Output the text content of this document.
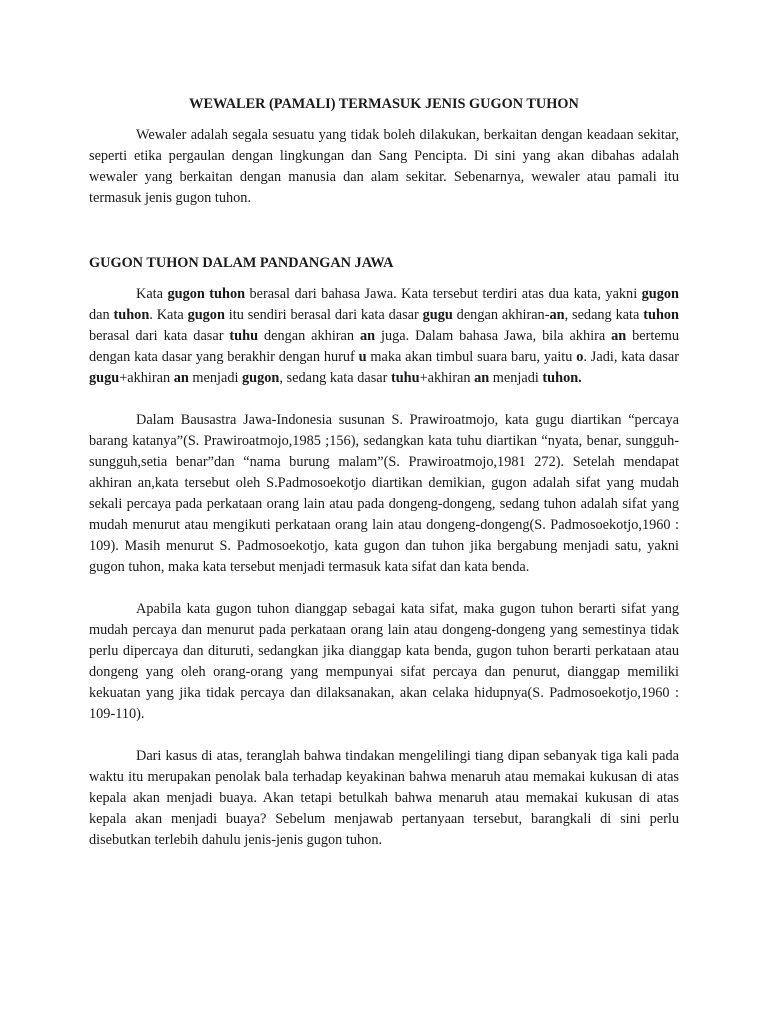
WEWALER (PAMALI) TERMASUK JENIS GUGON TUHON

Wewaler adalah segala sesuatu yang tidak boleh dilakukan, berkaitan dengan keadaan sekitar, seperti etika pergaulan dengan lingkungan dan Sang Pencipta. Di sini yang akan dibahas adalah wewaler yang berkaitan dengan manusia dan alam sekitar. Sebenarnya, wewaler atau pamali itu termasuk jenis gugon tuhon.

GUGON TUHON DALAM PANDANGAN JAWA

Kata gugon tuhon berasal dari bahasa Jawa. Kata tersebut terdiri atas dua kata, yakni gugon dan tuhon. Kata gugon itu sendiri berasal dari kata dasar gugu dengan akhiran-an, sedang kata tuhon berasal dari kata dasar tuhu dengan akhiran an juga. Dalam bahasa Jawa, bila akhira an bertemu dengan kata dasar yang berakhir dengan huruf u maka akan timbul suara baru, yaitu o. Jadi, kata dasar gugu+akhiran an menjadi gugon, sedang kata dasar tuhu+akhiran an menjadi tuhon.

Dalam Bausastra Jawa-Indonesia susunan S. Prawiroatmojo, kata gugu diartikan “percaya barang katanya”(S. Prawiroatmojo,1985 ;156), sedangkan kata tuhu diartikan “nyata, benar, sungguh-sungguh,setia benar”dan “nama burung malam”(S. Prawiroatmojo,1981 272). Setelah mendapat akhiran an,kata tersebut oleh S.Padmosoekotjo diartikan demikian, gugon adalah sifat yang mudah sekali percaya pada perkataan orang lain atau pada dongeng-dongeng, sedang tuhon adalah sifat yang mudah menurut atau mengikuti perkataan orang lain atau dongeng-dongeng(S. Padmosoekotjo,1960 : 109). Masih menurut S. Padmosoekotjo, kata gugon dan tuhon jika bergabung menjadi satu, yakni gugon tuhon, maka kata tersebut menjadi termasuk kata sifat dan kata benda.

Apabila kata gugon tuhon dianggap sebagai kata sifat, maka gugon tuhon berarti sifat yang mudah percaya dan menurut pada perkataan orang lain atau dongeng-dongeng yang semestinya tidak perlu dipercaya dan dituruti, sedangkan jika dianggap kata benda, gugon tuhon berarti perkataan atau dongeng yang oleh orang-orang yang mempunyai sifat percaya dan penurut, dianggap memiliki kekuatan yang jika tidak percaya dan dilaksanakan, akan celaka hidupnya(S. Padmosoekotjo,1960 : 109-110).

Dari kasus di atas, teranglah bahwa tindakan mengelilingi tiang dipan sebanyak tiga kali pada waktu itu merupakan penolak bala terhadap keyakinan bahwa menaruh atau memakai kukusan di atas kepala akan menjadi buaya. Akan tetapi betulkah bahwa menaruh atau memakai kukusan di atas kepala akan menjadi buaya? Sebelum menjawab pertanyaan tersebut, barangkali di sini perlu disebutkan terlebih dahulu jenis-jenis gugon tuhon.
